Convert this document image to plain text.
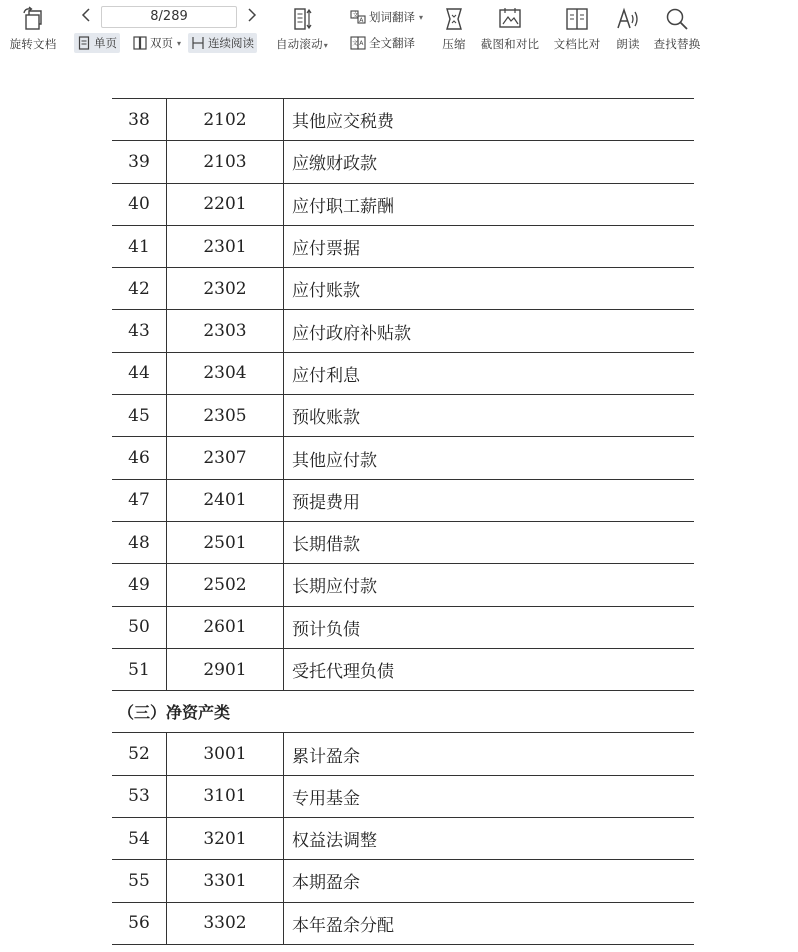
旋转文档
8/289
单页	双页 ▾ 连续阅读 自动滚动▾
文
A 划词翻译 ▾
文 A 全文翻译 压缩 截图和对比 文档比对 朗读 查找替换
38	2102	其他应交税费
39	2103	应缴财政款
40	2201	应付职工薪酬
41	2301	应付票据
42	2302	应付账款
43	2303	应付政府补贴款
44	2304	应付利息
45	2305	预收账款
46	2307	其他应付款
47	2401	预提费用
48	2501	长期借款
49	2502	长期应付款
50	2601	预计负债
51	2901	受托代理负债
（三）净资产类		
52	3001	累计盈余
53	3101	专用基金
54	3201	权益法调整
55	3301	本期盈余
56	3302	本年盈余分配
